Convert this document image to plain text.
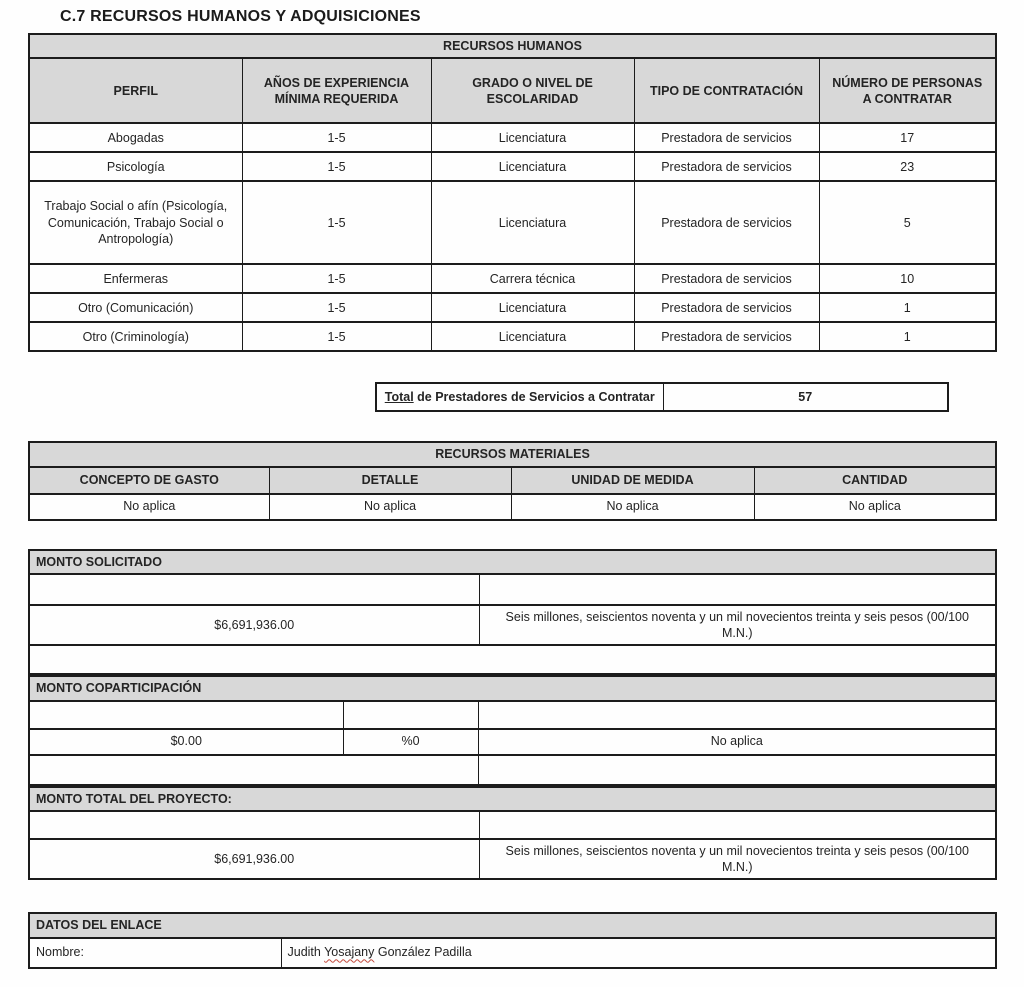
C.7 RECURSOS HUMANOS Y ADQUISICIONES
RECURSOS HUMANOS				
PERFIL	AÑOS DE EXPERIENCIA MÍNIMA REQUERIDA	GRADO O NIVEL DE ESCOLARIDAD	TIPO DE CONTRATACIÓN	NÚMERO DE PERSONAS A CONTRATAR
Abogadas	1-5	Licenciatura	Prestadora de servicios	17
Psicología	1-5	Licenciatura	Prestadora de servicios	23
Trabajo Social o afín (Psicología, Comunicación, Trabajo Social o Antropología)	1-5	Licenciatura	Prestadora de servicios	5
Enfermeras	1-5	Carrera técnica	Prestadora de servicios	10
Otro (Comunicación)	1-5	Licenciatura	Prestadora de servicios	1
Otro (Criminología)	1-5	Licenciatura	Prestadora de servicios	1
Total de Prestadores de Servicios a Contratar	57
RECURSOS MATERIALES			
CONCEPTO DE GASTO	DETALLE	UNIDAD DE MEDIDA	CANTIDAD
No aplica	No aplica	No aplica	No aplica
MONTO SOLICITADO	

$6,691,936.00	Seis millones, seiscientos noventa y un mil novecientos treinta y seis pesos (00/100 M.N.)

MONTO COPARTICIPACIÓN		

$0.00	%0	No aplica

MONTO TOTAL DEL PROYECTO:	

$6,691,936.00	Seis millones, seiscientos noventa y un mil novecientos treinta y seis pesos (00/100 M.N.)
DATOS DEL ENLACE
Nombre:	Judith Yosajany González Padilla
